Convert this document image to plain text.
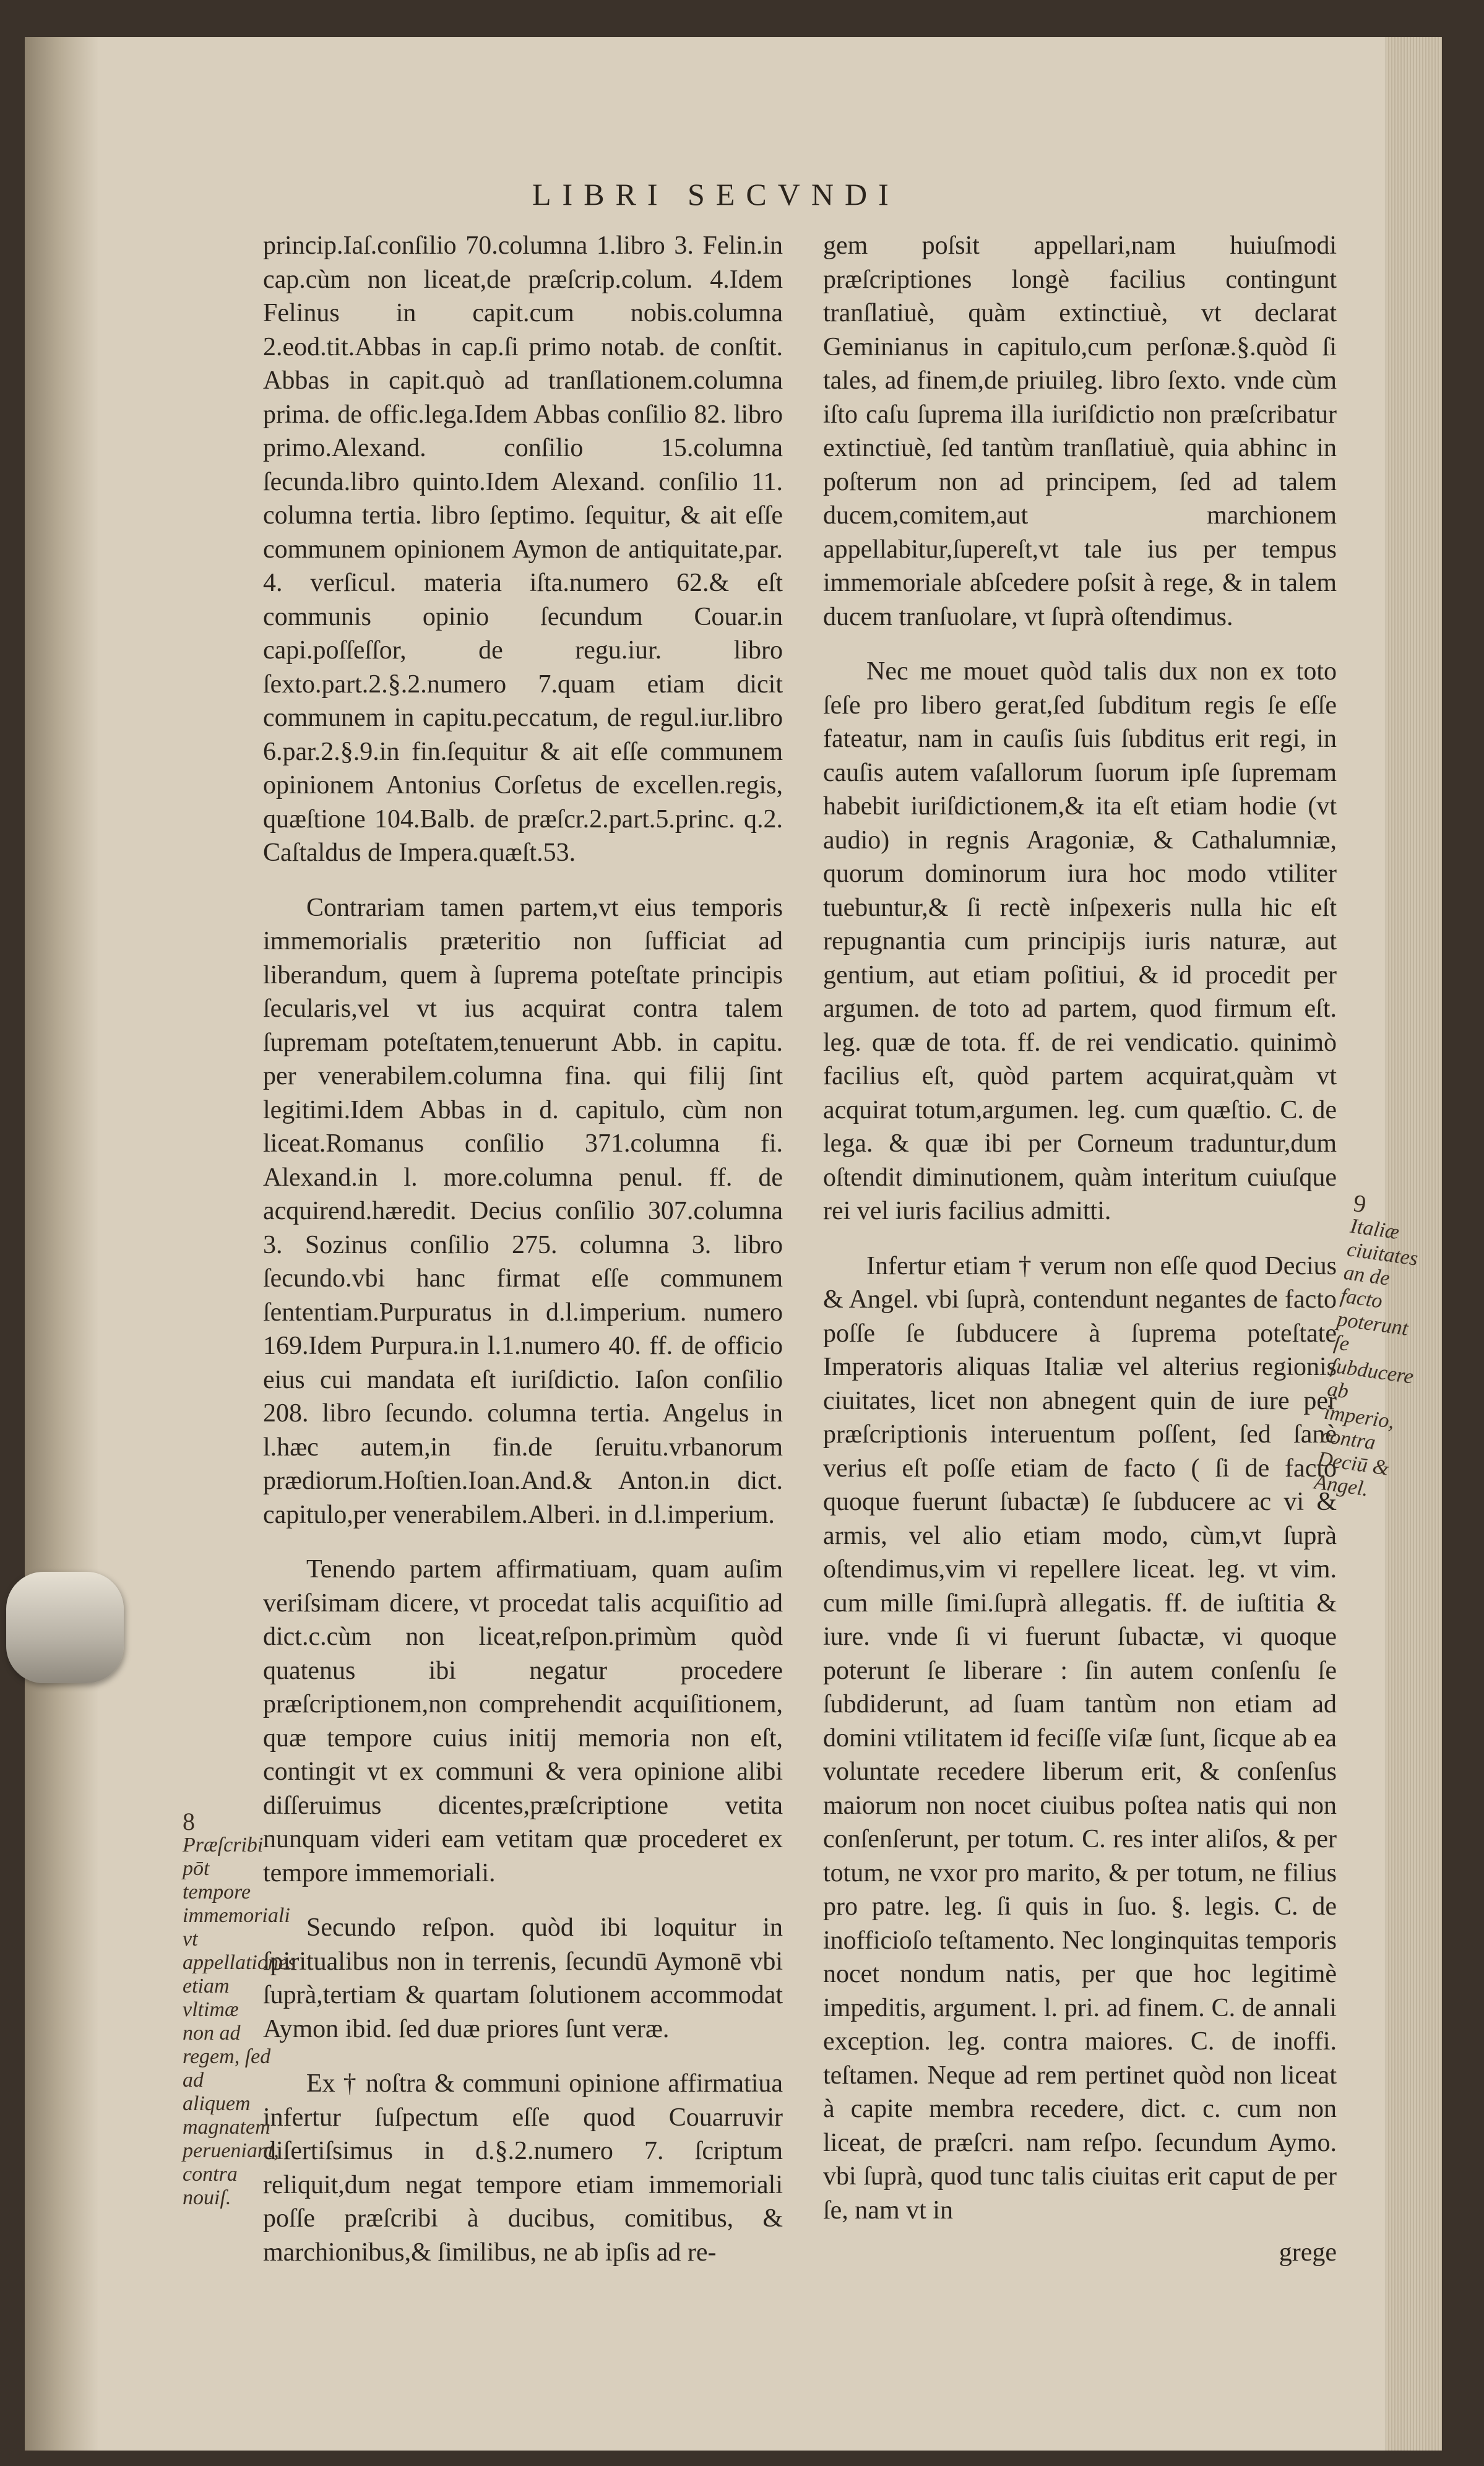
LIBRI SECVNDI

princip.Iaſ.conſilio 70.columna 1.libro 3. Felin.in cap.cùm non liceat,de præſcrip.colum. 4.Idem Felinus in capit.cum nobis.columna 2.eod.tit.Abbas in cap.ſi primo notab. de conſtit. Abbas in capit.quò ad tranſlationem.columna prima. de offic.lega.Idem Abbas conſilio 82. libro primo.Alexand. conſilio 15.columna ſecunda.libro quinto.Idem Alexand. conſilio 11. columna tertia. libro ſeptimo. ſequitur, & ait eſſe communem opinionem Aymon de antiquitate,par. 4. verſicul. materia iſta.numero 62.& eſt communis opinio ſecundum Couar.in capi.poſſeſſor, de regu.iur. libro ſexto.part.2.§.2.numero 7.quam etiam dicit communem in capitu.peccatum, de regul.iur.libro 6.par.2.§.9.in fin.ſequitur & ait eſſe communem opinionem Antonius Corſetus de excellen.regis, quæſtione 104.Balb. de præſcr.2.part.5.princ. q.2. Caſtaldus de Impera.quæſt.53.

Contrariam tamen partem,vt eius temporis immemorialis præteritio non ſufficiat ad liberandum, quem à ſuprema poteſtate principis ſecularis,vel vt ius acquirat contra talem ſupremam poteſtatem,tenuerunt Abb. in capitu. per venerabilem.columna fina. qui filij ſint legitimi.Idem Abbas in d. capitulo, cùm non liceat.Romanus conſilio 371.columna fi. Alexand.in l. more.columna penul. ff. de acquirend.hæredit. Decius conſilio 307.columna 3. Sozinus conſilio 275. columna 3. libro ſecundo.vbi hanc firmat eſſe communem ſententiam.Purpuratus in d.l.imperium. numero 169.Idem Purpura.in l.1.numero 40. ff. de officio eius cui mandata eſt iuriſdictio. Iaſon conſilio 208. libro ſecundo. columna tertia. Angelus in l.hæc autem,in fin.de ſeruitu.vrbanorum prædiorum.Hoſtien.Ioan.And.& Anton.in dict. capitulo,per venerabilem.Alberi. in d.l.imperium.

Tenendo partem affirmatiuam, quam auſim veriſsimam dicere, vt procedat talis acquiſitio ad dict.c.cùm non liceat,reſpon.primùm quòd quatenus ibi negatur procedere præſcriptionem,non comprehendit acquiſitionem, quæ tempore cuius initij memoria non eſt, contingit vt ex communi & vera opinione alibi diſſeruimus dicentes,præſcriptione vetita nunquam videri eam vetitam quæ procederet ex tempore immemoriali.

Secundo reſpon. quòd ibi loquitur in ſpiritualibus non in terrenis, ſecundū Aymonē vbi ſuprà,tertiam & quartam ſolutionem accommodat Aymon ibid. ſed duæ priores ſunt veræ.

Ex † noſtra & communi opinione affirmatiua infertur ſuſpectum eſſe quod Couarruvir diſertiſsimus in d.§.2.numero 7. ſcriptum reliquit,dum negat tempore etiam immemoriali poſſe præſcribi à ducibus, comitibus, & marchionibus,& ſimilibus, ne ab ipſis ad re-

gem poſsit appellari,nam huiuſmodi præſcriptiones longè facilius contingunt tranſlatiuè, quàm extinctiuè, vt declarat Geminianus in capitulo,cum perſonæ.§.quòd ſi tales, ad finem,de priuileg. libro ſexto. vnde cùm iſto caſu ſuprema illa iuriſdictio non præſcribatur extinctiuè, ſed tantùm tranſlatiuè, quia abhinc in poſterum non ad principem, ſed ad talem ducem,comitem,aut marchionem appellabitur,ſupereſt,vt tale ius per tempus immemoriale abſcedere poſsit à rege, & in talem ducem tranſuolare, vt ſuprà oſtendimus.

Nec me mouet quòd talis dux non ex toto ſeſe pro libero gerat,ſed ſubditum regis ſe eſſe fateatur, nam in cauſis ſuis ſubditus erit regi, in cauſis autem vaſallorum ſuorum ipſe ſupremam habebit iuriſdictionem,& ita eſt etiam hodie (vt audio) in regnis Aragoniæ, & Cathalumniæ, quorum dominorum iura hoc modo vtiliter tuebuntur,& ſi rectè inſpexeris nulla hic eſt repugnantia cum principijs iuris naturæ, aut gentium, aut etiam poſitiui, & id procedit per argumen. de toto ad partem, quod firmum eſt. leg. quæ de tota. ff. de rei vendicatio. quinimò facilius eſt, quòd partem acquirat,quàm vt acquirat totum,argumen. leg. cum quæſtio. C. de lega. & quæ ibi per Corneum traduntur,dum oſtendit diminutionem, quàm interitum cuiuſque rei vel iuris facilius admitti.

Infertur etiam † verum non eſſe quod Decius & Angel. vbi ſuprà, contendunt negantes de facto poſſe ſe ſubducere à ſuprema poteſtate Imperatoris aliquas Italiæ vel alterius regionis ciuitates, licet non abnegent quin de iure per præſcriptionis interuentum poſſent, ſed ſanè verius eſt poſſe etiam de facto ( ſi de facto quoque fuerunt ſubactæ) ſe ſubducere ac vi & armis, vel alio etiam modo, cùm,vt ſuprà oſtendimus,vim vi repellere liceat. leg. vt vim. cum mille ſimi.ſuprà allegatis. ff. de iuſtitia & iure. vnde ſi vi fuerunt ſubactæ, vi quoque poterunt ſe liberare : ſin autem conſenſu ſe ſubdiderunt, ad ſuam tantùm non etiam ad domini vtilitatem id feciſſe viſæ ſunt, ſicque ab ea voluntate recedere liberum erit, & conſenſus maiorum non nocet ciuibus poſtea natis qui non conſenſerunt, per totum. C. res inter aliſos, & per totum, ne vxor pro marito, & per totum, ne filius pro patre. leg. ſi quis in ſuo. §. legis. C. de inofficioſo teſtamento. Nec longinquitas temporis nocet nondum natis, per que hoc legitimè impeditis, argument. l. pri. ad finem. C. de annali exception. leg. contra maiores. C. de inoffi. teſtamen. Neque ad rem pertinet quòd non liceat à capite membra recedere, dict. c. cum non liceat, de præſcri. nam reſpo. ſecundum Aymo. vbi ſuprà, quod tunc talis ciuitas erit caput de per ſe, nam vt in

grege
8
Præſcribi pōt tempore immemoriali vt appellationes etiam vltimæ non ad regem, ſed ad aliquem magnatem perueniant, contra nouiſ.
9
Italiæ ciuitates an de facto poterunt ſe ſubducere ab imperio, contra Deciū & Angel.
